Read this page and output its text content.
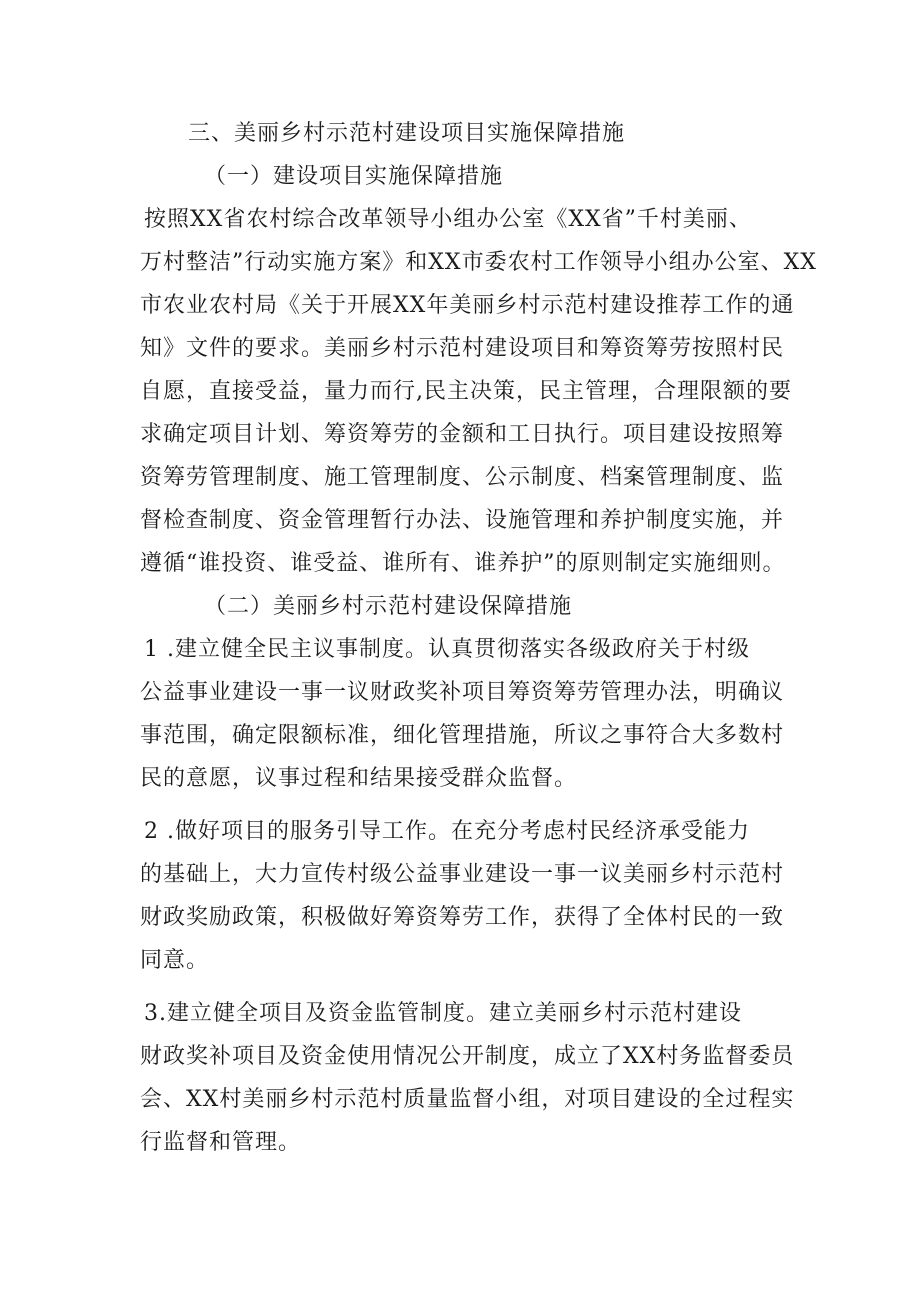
三、美丽乡村示范村建设项目实施保障措施
（一）建设项目实施保障措施
按照XX省农村综合改革领导小组办公室《XX省”千村美丽、
万村整洁”行动实施方案》和XX市委农村工作领导小组办公室、XX
市农业农村局《关于开展XX年美丽乡村示范村建设推荐工作的通
知》文件的要求。美丽乡村示范村建设项目和筹资筹劳按照村民
自愿，直接受益，量力而行,民主决策，民主管理，合理限额的要
求确定项目计划、筹资筹劳的金额和工日执行。项目建设按照筹
资筹劳管理制度、施工管理制度、公示制度、档案管理制度、监
督检查制度、资金管理暂行办法、设施管理和养护制度实施，并
遵循“谁投资、谁受益、谁所有、谁养护”的原则制定实施细则。
（二）美丽乡村示范村建设保障措施
1 .建立健全民主议事制度。认真贯彻落实各级政府关于村级
公益事业建设一事一议财政奖补项目筹资筹劳管理办法，明确议
事范围，确定限额标准，细化管理措施，所议之事符合大多数村
民的意愿，议事过程和结果接受群众监督。
2 .做好项目的服务引导工作。在充分考虑村民经济承受能力
的基础上，大力宣传村级公益事业建设一事一议美丽乡村示范村
财政奖励政策，积极做好筹资筹劳工作，获得了全体村民的一致
同意。
3.建立健全项目及资金监管制度。建立美丽乡村示范村建设
财政奖补项目及资金使用情况公开制度，成立了XX村务监督委员
会、XX村美丽乡村示范村质量监督小组，对项目建设的全过程实
行监督和管理。
